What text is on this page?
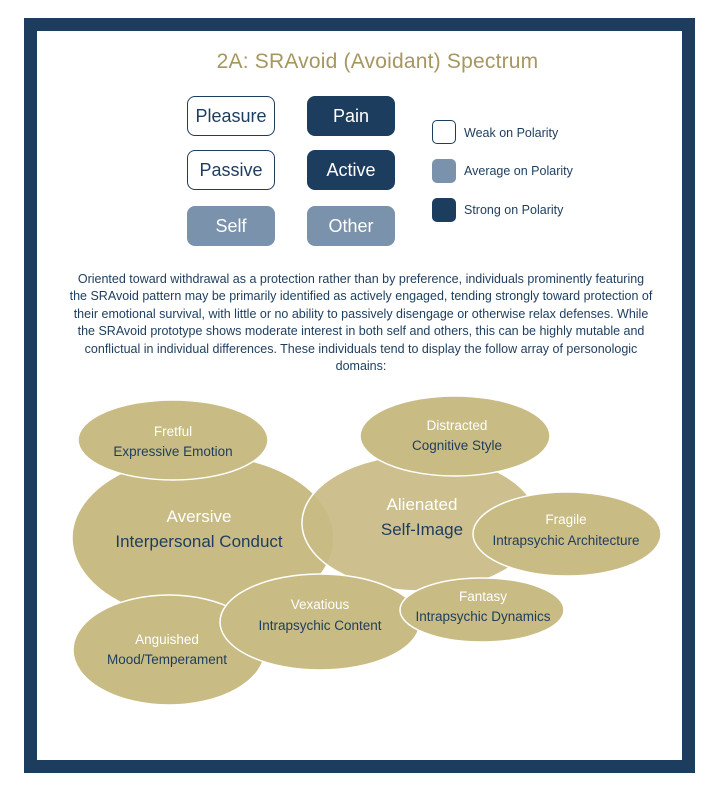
2A: SRAvoid (Avoidant) Spectrum
Pleasure	Pain
Passive	Active
Self	Other
Weak on Polarity
Average on Polarity
Strong on Polarity
Oriented toward withdrawal as a protection rather than by preference, individuals prominently featuring the SRAvoid pattern may be primarily identified as actively engaged, tending strongly toward protection of their emotional survival, with little or no ability to passively disengage or otherwise relax defenses. While the SRAvoid prototype shows moderate interest in both self and others, this can be highly mutable and conflictual in individual differences. These individuals tend to display the follow array of personologic domains:
Aversive
Interpersonal Conduct
Alienated
Self-Image
Fretful
Expressive Emotion
Distracted
Cognitive Style
Anguished
Mood/Temperament
Fragile
Intrapsychic Architecture
Vexatious
Intrapsychic Content
Fantasy
Intrapsychic Dynamics
